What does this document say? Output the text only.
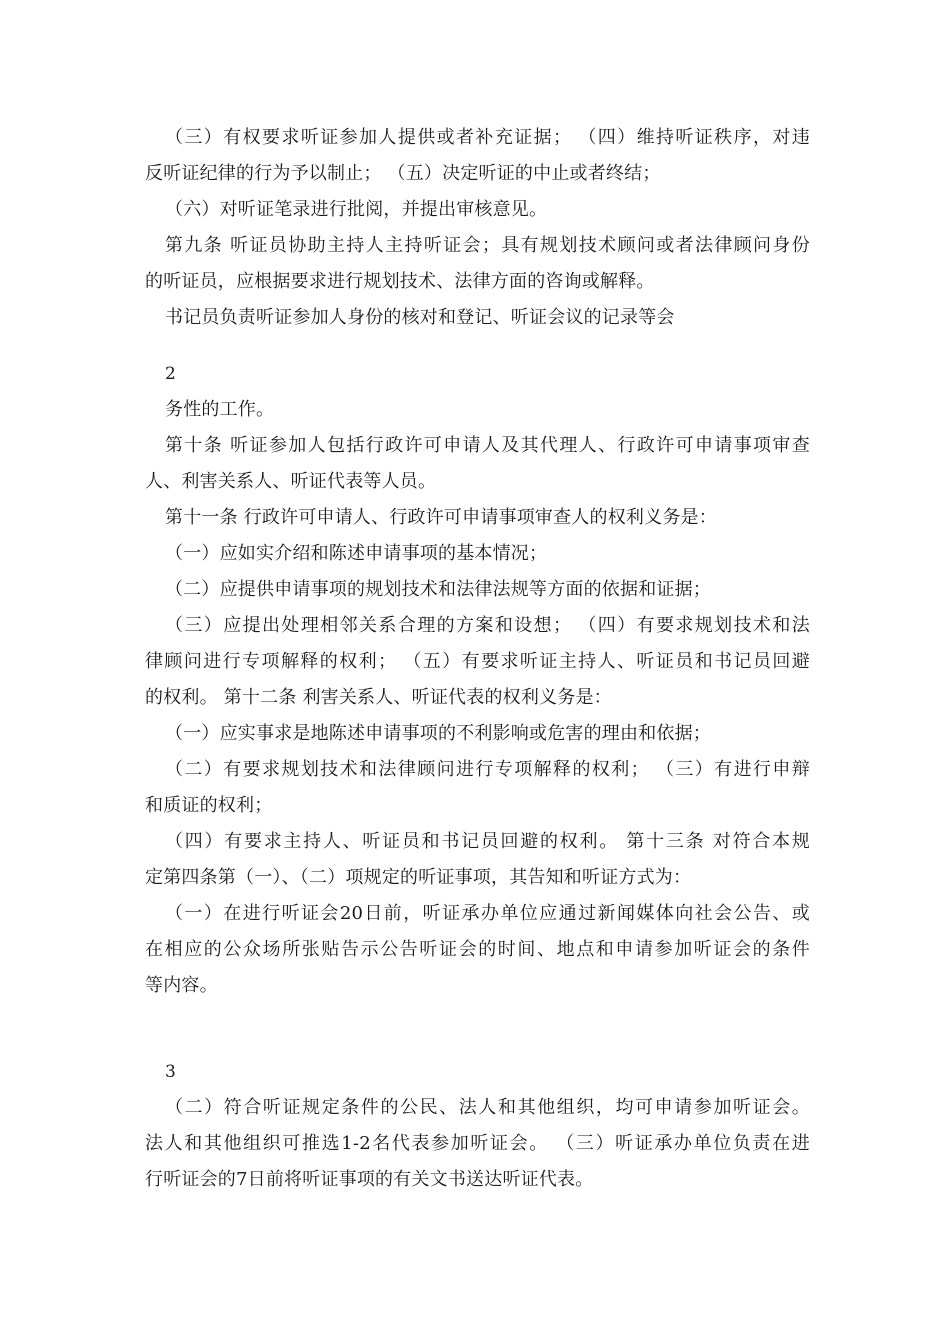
（三）有权要求听证参加人提供或者补充证据； （四）维持听证秩序，对违
反听证纪律的行为予以制止； （五）决定听证的中止或者终结；
（六）对听证笔录进行批阅，并提出审核意见。
第九条 听证员协助主持人主持听证会；具有规划技术顾问或者法律顾问身份
的听证员，应根据要求进行规划技术、法律方面的咨询或解释。
书记员负责听证参加人身份的核对和登记、听证会议的记录等会
2
务性的工作。
第十条 听证参加人包括行政许可申请人及其代理人、行政许可申请事项审查
人、利害关系人、听证代表等人员。
第十一条 行政许可申请人、行政许可申请事项审查人的权利义务是：
（一）应如实介绍和陈述申请事项的基本情况；
（二）应提供申请事项的规划技术和法律法规等方面的依据和证据；
（三）应提出处理相邻关系合理的方案和设想； （四）有要求规划技术和法
律顾问进行专项解释的权利； （五）有要求听证主持人、听证员和书记员回避
的权利。 第十二条 利害关系人、听证代表的权利义务是：
（一）应实事求是地陈述申请事项的不利影响或危害的理由和依据；
（二）有要求规划技术和法律顾问进行专项解释的权利； （三）有进行申辩
和质证的权利；
（四）有要求主持人、听证员和书记员回避的权利。 第十三条 对符合本规
定第四条第（一）、（二）项规定的听证事项，其告知和听证方式为：
（一）在进行听证会20日前，听证承办单位应通过新闻媒体向社会公告、或
在相应的公众场所张贴告示公告听证会的时间、地点和申请参加听证会的条件
等内容。
3
（二）符合听证规定条件的公民、法人和其他组织，均可申请参加听证会。
法人和其他组织可推选1-2名代表参加听证会。 （三）听证承办单位负责在进
行听证会的7日前将听证事项的有关文书送达听证代表。
